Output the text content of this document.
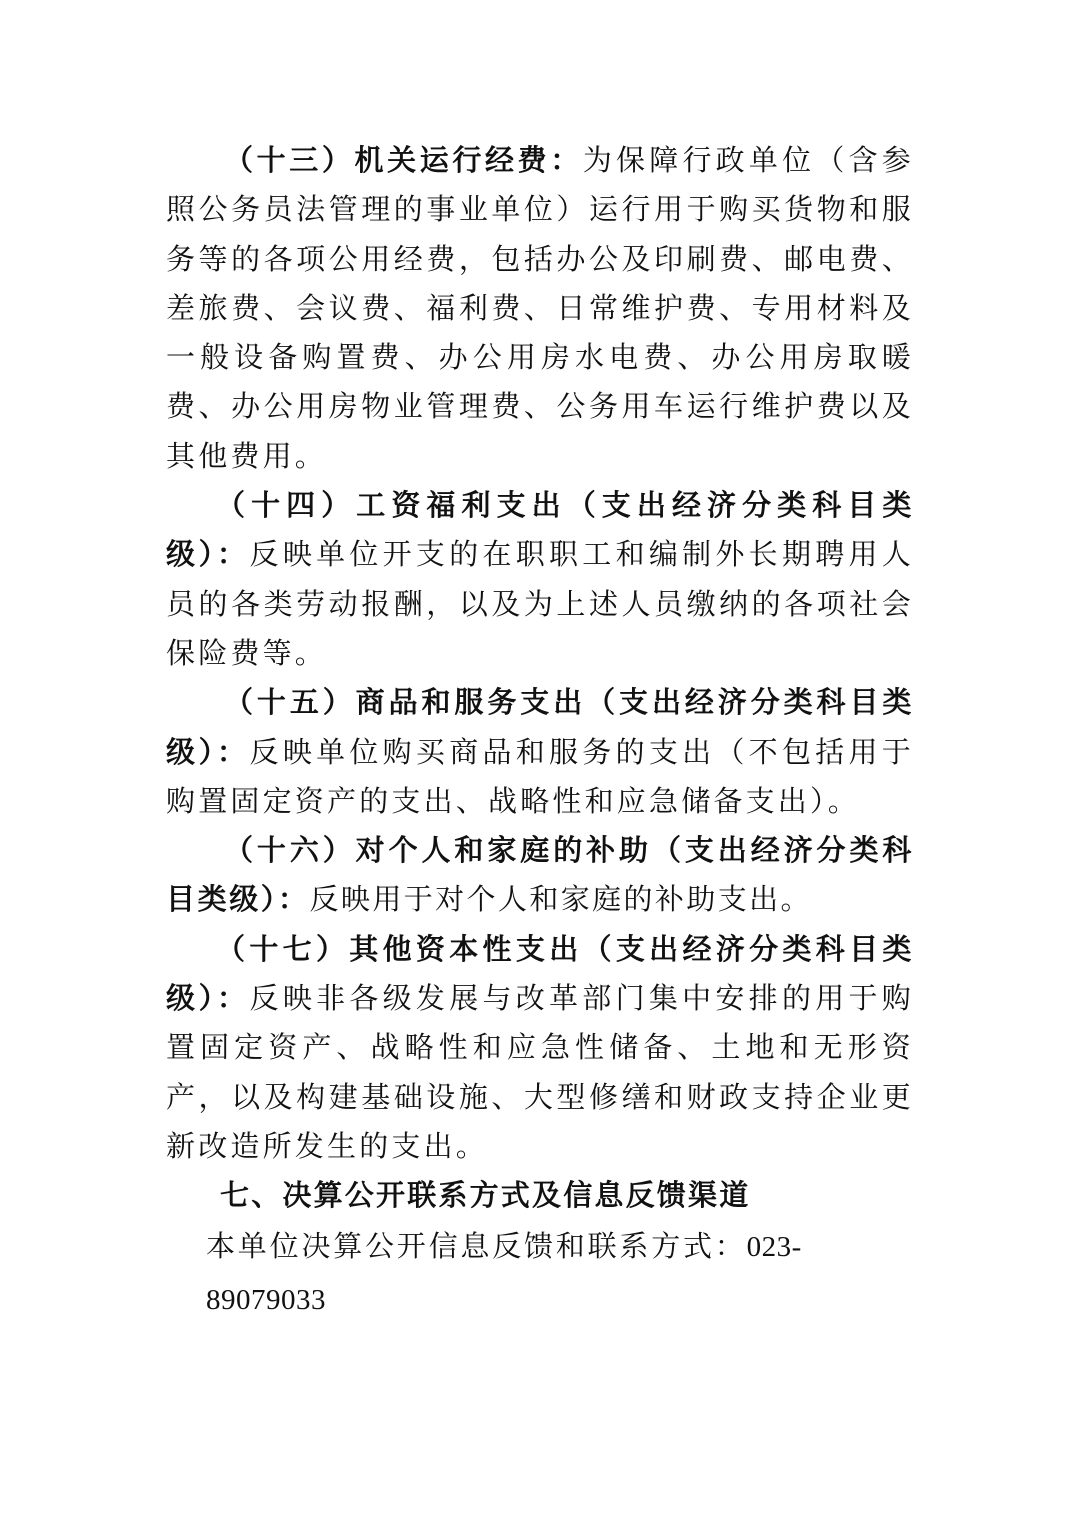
（十三）机关运行经费：为保障行政单位（含参照公务员法管理的事业单位）运行用于购买货物和服务等的各项公用经费，包括办公及印刷费、邮电费、差旅费、会议费、福利费、日常维护费、专用材料及一般设备购置费、办公用房水电费、办公用房取暖费、办公用房物业管理费、公务用车运行维护费以及其他费用。

（十四）工资福利支出（支出经济分类科目类级）：反映单位开支的在职职工和编制外长期聘用人员的各类劳动报酬，以及为上述人员缴纳的各项社会保险费等。

（十五）商品和服务支出（支出经济分类科目类级）：反映单位购买商品和服务的支出（不包括用于购置固定资产的支出、战略性和应急储备支出）。

（十六）对个人和家庭的补助（支出经济分类科目类级）：反映用于对个人和家庭的补助支出。

（十七）其他资本性支出（支出经济分类科目类级）：反映非各级发展与改革部门集中安排的用于购置固定资产、战略性和应急性储备、土地和无形资产，以及构建基础设施、大型修缮和财政支持企业更新改造所发生的支出。

七、决算公开联系方式及信息反馈渠道

本单位决算公开信息反馈和联系方式：023-89079033
